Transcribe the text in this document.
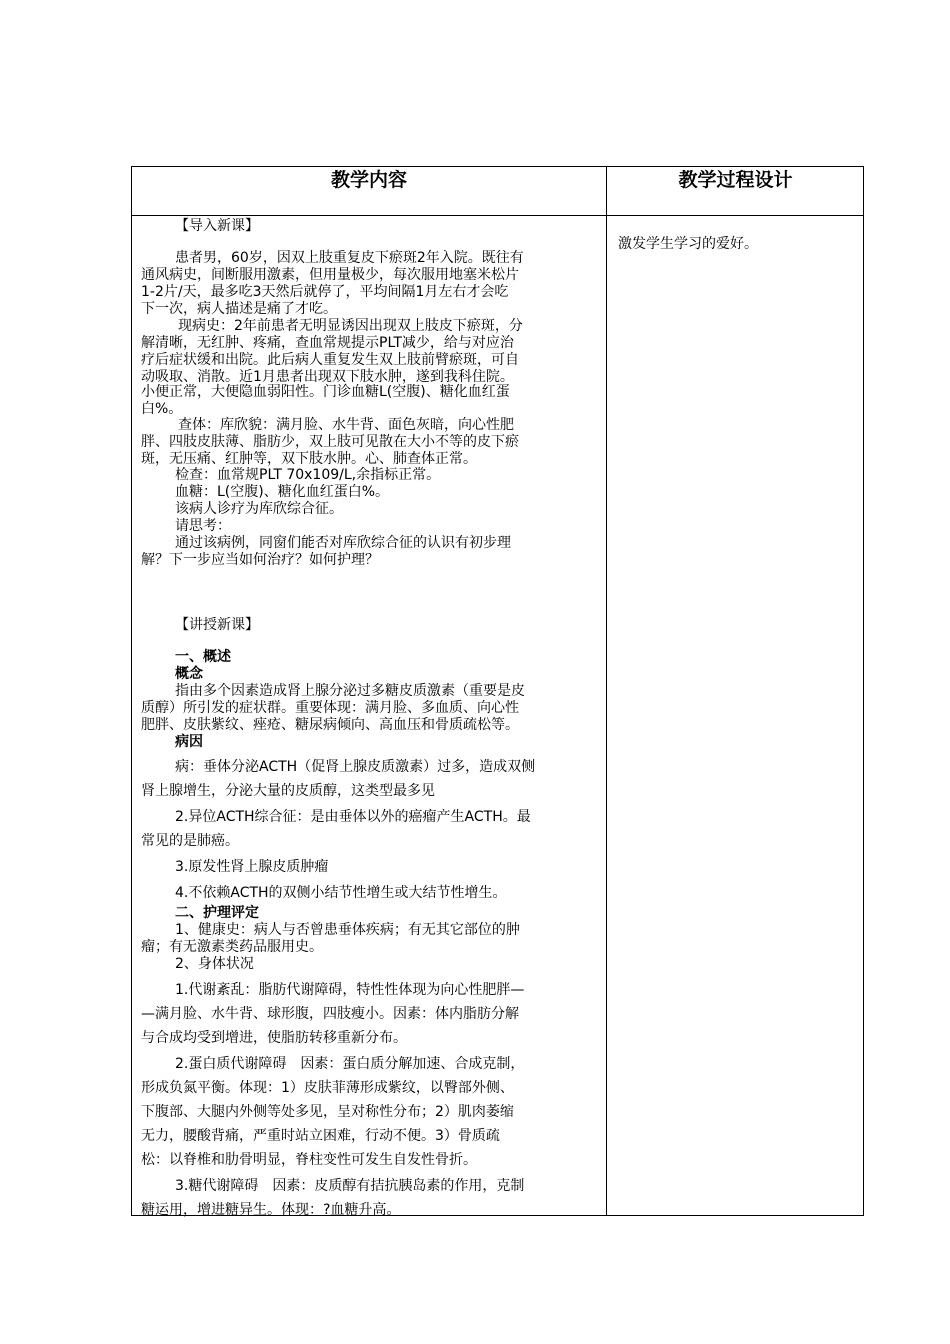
教学内容	教学过程设计
激发学生学习的爱好。
【导入新课】
患者男，60岁，因双上肢重复皮下瘀斑2年入院。既往有
通风病史，间断服用激素，但用量极少，每次服用地塞米松片
1-2片/天，最多吃3天然后就停了，平均间隔1月左右才会吃
下一次，病人描述是痛了才吃。
现病史：2年前患者无明显诱因出现双上肢皮下瘀斑，分
解清晰，无红肿、疼痛，查血常规提示PLT减少，给与对应治
疗后症状缓和出院。此后病人重复发生双上肢前臂瘀斑，可自
动吸取、消散。近1月患者出现双下肢水肿，遂到我科住院。
小便正常，大便隐血弱阳性。门诊血糖L(空腹)、糖化血红蛋
白%。
查体：库欣貌：满月脸、水牛背、面色灰暗，向心性肥
胖、四肢皮肤薄、脂肪少，双上肢可见散在大小不等的皮下瘀
斑，无压痛、红肿等，双下肢水肿。心、肺查体正常。
检查：血常规PLT 70x109/L,余指标正常。
血糖：L(空腹)、糖化血红蛋白%。
该病人诊疗为库欣综合征。
请思考：
通过该病例，同窗们能否对库欣综合征的认识有初步理
解？下一步应当如何治疗？如何护理？
【讲授新课】
一、概述
概念
指由多个因素造成肾上腺分泌过多糖皮质激素（重要是皮
质醇）所引发的症状群。重要体现：满月脸、多血质、向心性
肥胖、皮肤紫纹、痤疮、糖尿病倾向、高血压和骨质疏松等。
病因
病：垂体分泌ACTH（促肾上腺皮质激素）过多，造成双侧
肾上腺增生，分泌大量的皮质醇，这类型最多见
2.异位ACTH综合征：是由垂体以外的癌瘤产生ACTH。最
常见的是肺癌。
3.原发性肾上腺皮质肿瘤
4.不依赖ACTH的双侧小结节性增生或大结节性增生。
二、护理评定
1、健康史：病人与否曾患垂体疾病；有无其它部位的肿
瘤；有无激素类药品服用史。
2、身体状况
1.代谢紊乱：脂肪代谢障碍，特性性体现为向心性肥胖—
—满月脸、水牛背、球形腹，四肢瘦小。因素：体内脂肪分解
与合成均受到增进，使脂肪转移重新分布。
2.蛋白质代谢障碍　因素：蛋白质分解加速、合成克制，
形成负氮平衡。体现：1）皮肤菲薄形成紫纹，以臀部外侧、
下腹部、大腿内外侧等处多见，呈对称性分布；2）肌肉萎缩
无力，腰酸背痛，严重时站立困难，行动不便。3）骨质疏
松：以脊椎和肋骨明显，脊柱变性可发生自发性骨折。
3.糖代谢障碍　因素：皮质醇有拮抗胰岛素的作用，克制
糖运用，增进糖异生。体现：?血糖升高。
